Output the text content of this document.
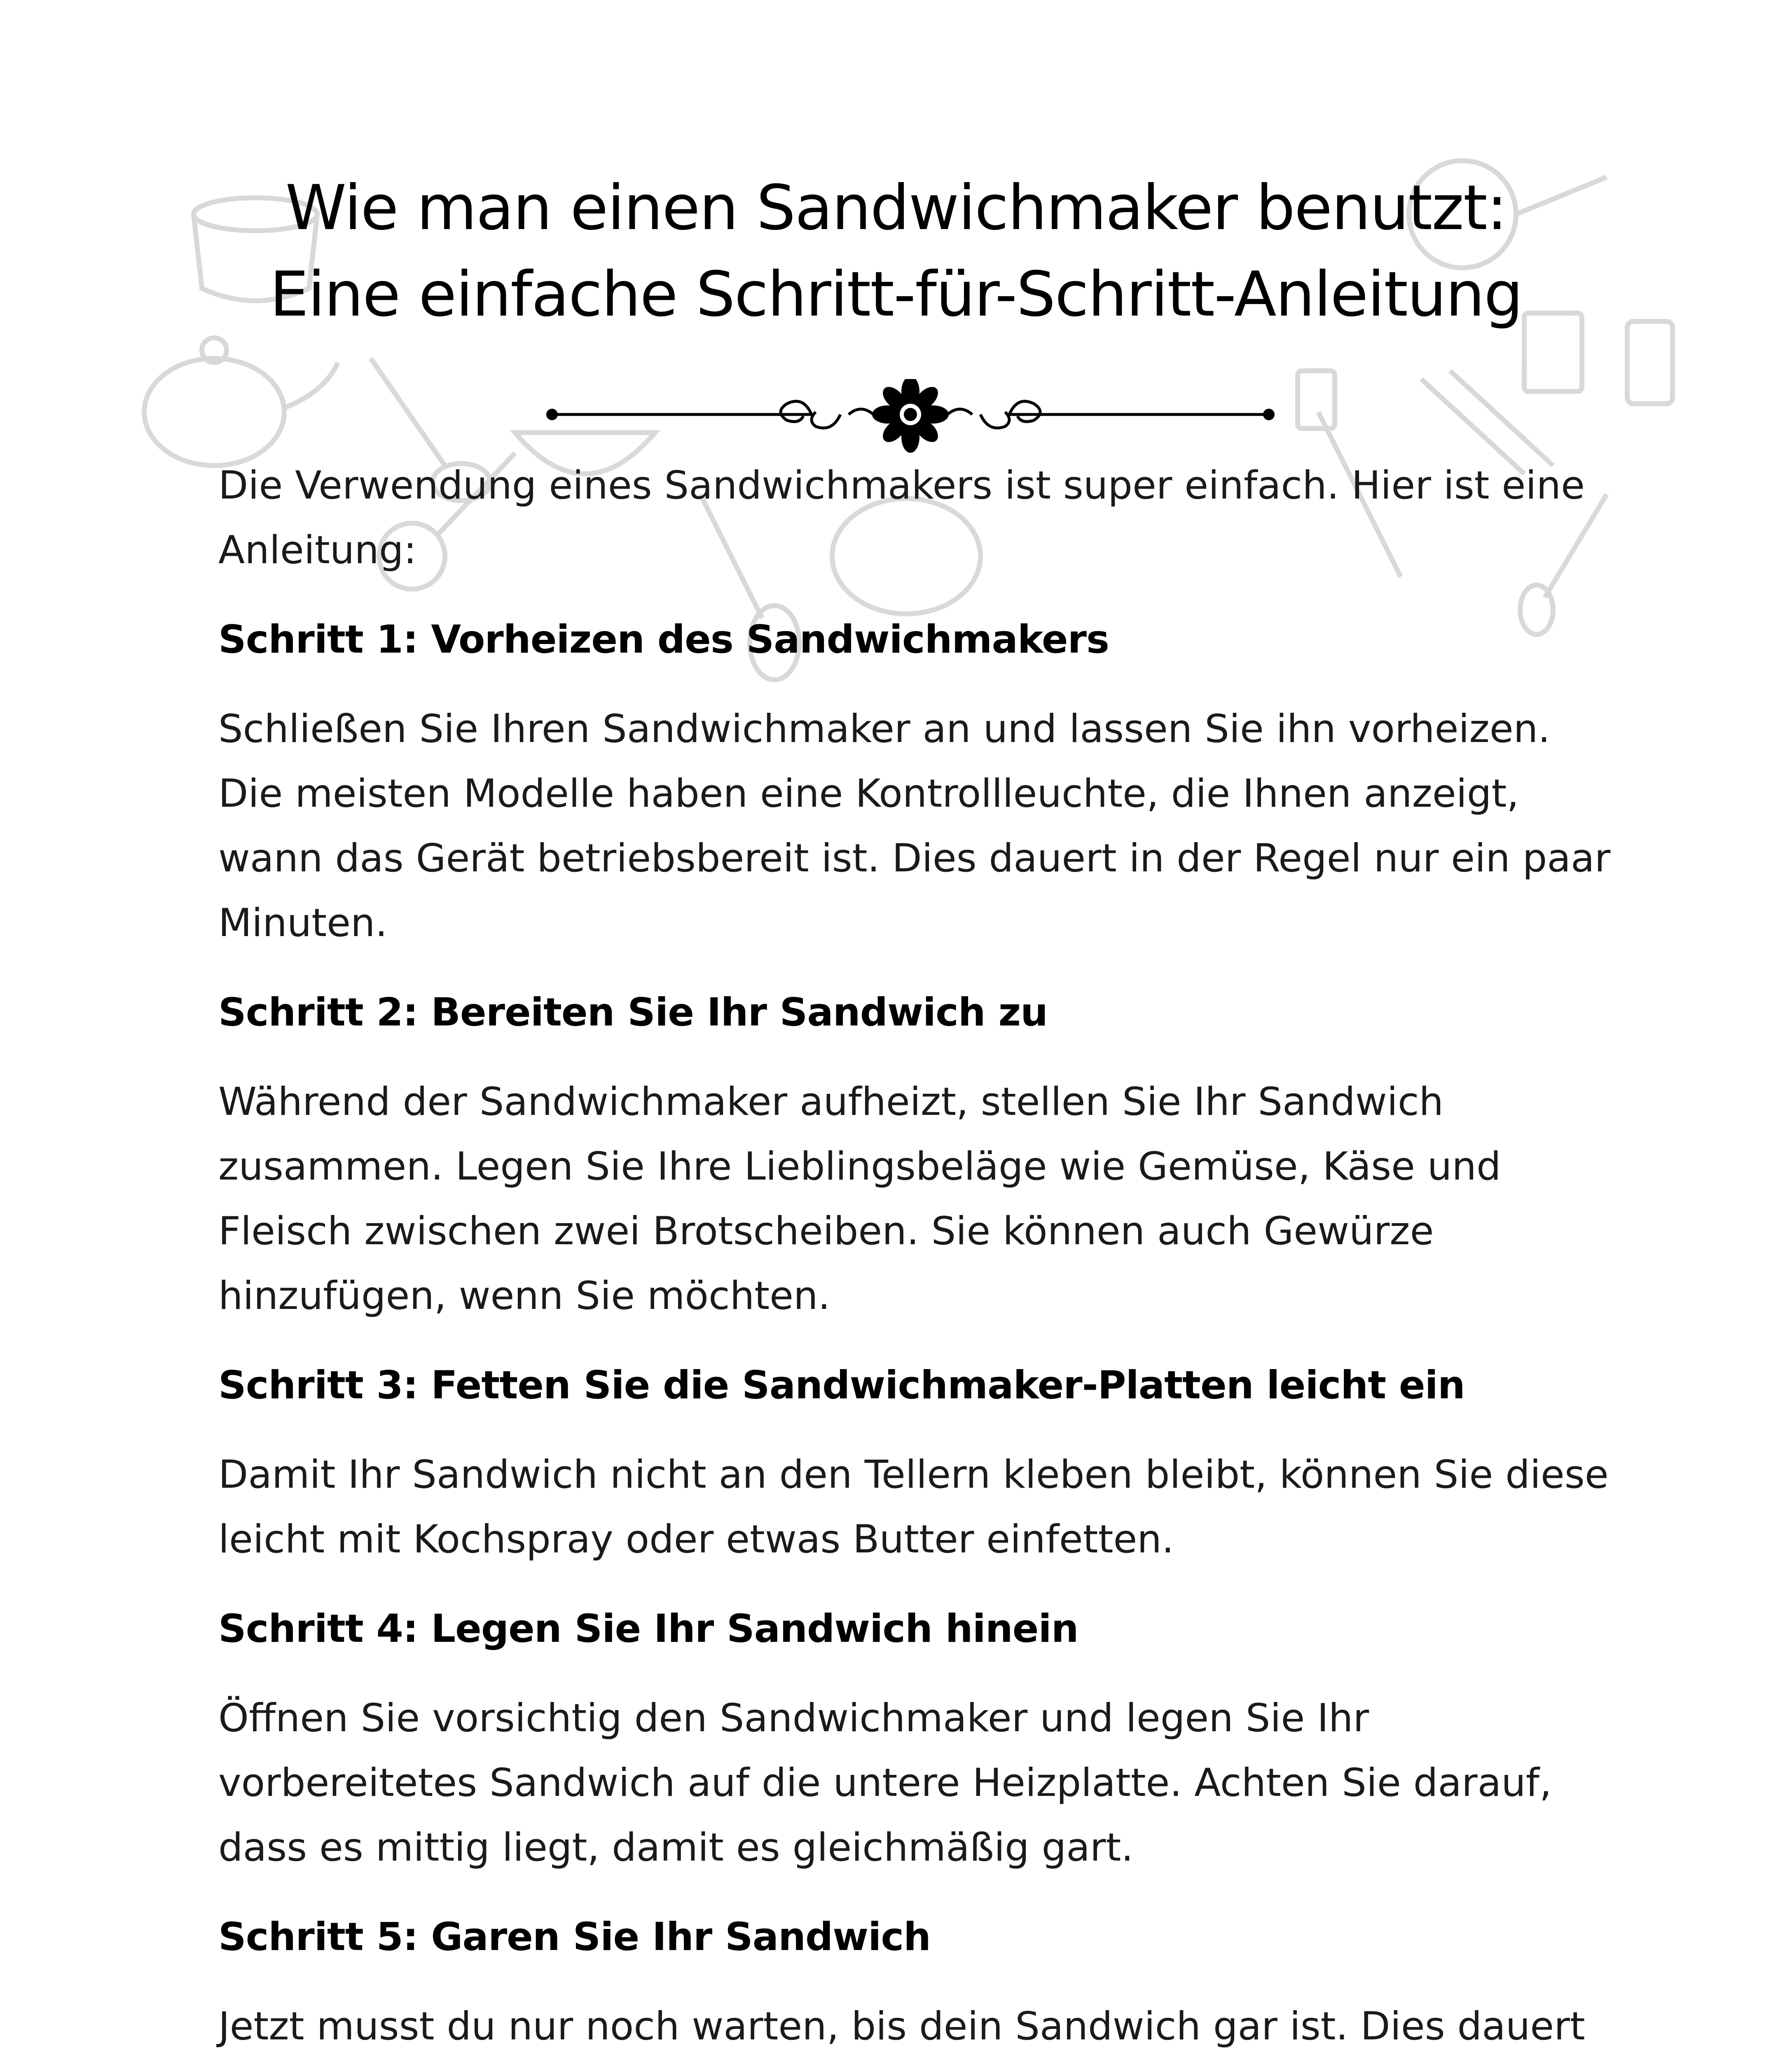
Wie man einen Sandwichmaker benutzt:
Eine einfache Schritt-für-Schritt-Anleitung

Die Verwendung eines Sandwichmakers ist super einfach. Hier ist eine Anleitung:

Schritt 1: Vorheizen des Sandwichmakers

Schließen Sie Ihren Sandwichmaker an und lassen Sie ihn vorheizen. Die meisten Modelle haben eine Kontrollleuchte, die Ihnen anzeigt, wann das Gerät betriebsbereit ist. Dies dauert in der Regel nur ein paar Minuten.

Schritt 2: Bereiten Sie Ihr Sandwich zu

Während der Sandwichmaker aufheizt, stellen Sie Ihr Sandwich zusammen. Legen Sie Ihre Lieblingsbeläge wie Gemüse, Käse und Fleisch zwischen zwei Brotscheiben. Sie können auch Gewürze hinzufügen, wenn Sie möchten.

Schritt 3: Fetten Sie die Sandwichmaker-Platten leicht ein

Damit Ihr Sandwich nicht an den Tellern kleben bleibt, können Sie diese leicht mit Kochspray oder etwas Butter einfetten.

Schritt 4: Legen Sie Ihr Sandwich hinein

Öffnen Sie vorsichtig den Sandwichmaker und legen Sie Ihr vorbereitetes Sandwich auf die untere Heizplatte. Achten Sie darauf, dass es mittig liegt, damit es gleichmäßig gart.

Schritt 5: Garen Sie Ihr Sandwich

Jetzt musst du nur noch warten, bis dein Sandwich gar ist. Dies dauert
